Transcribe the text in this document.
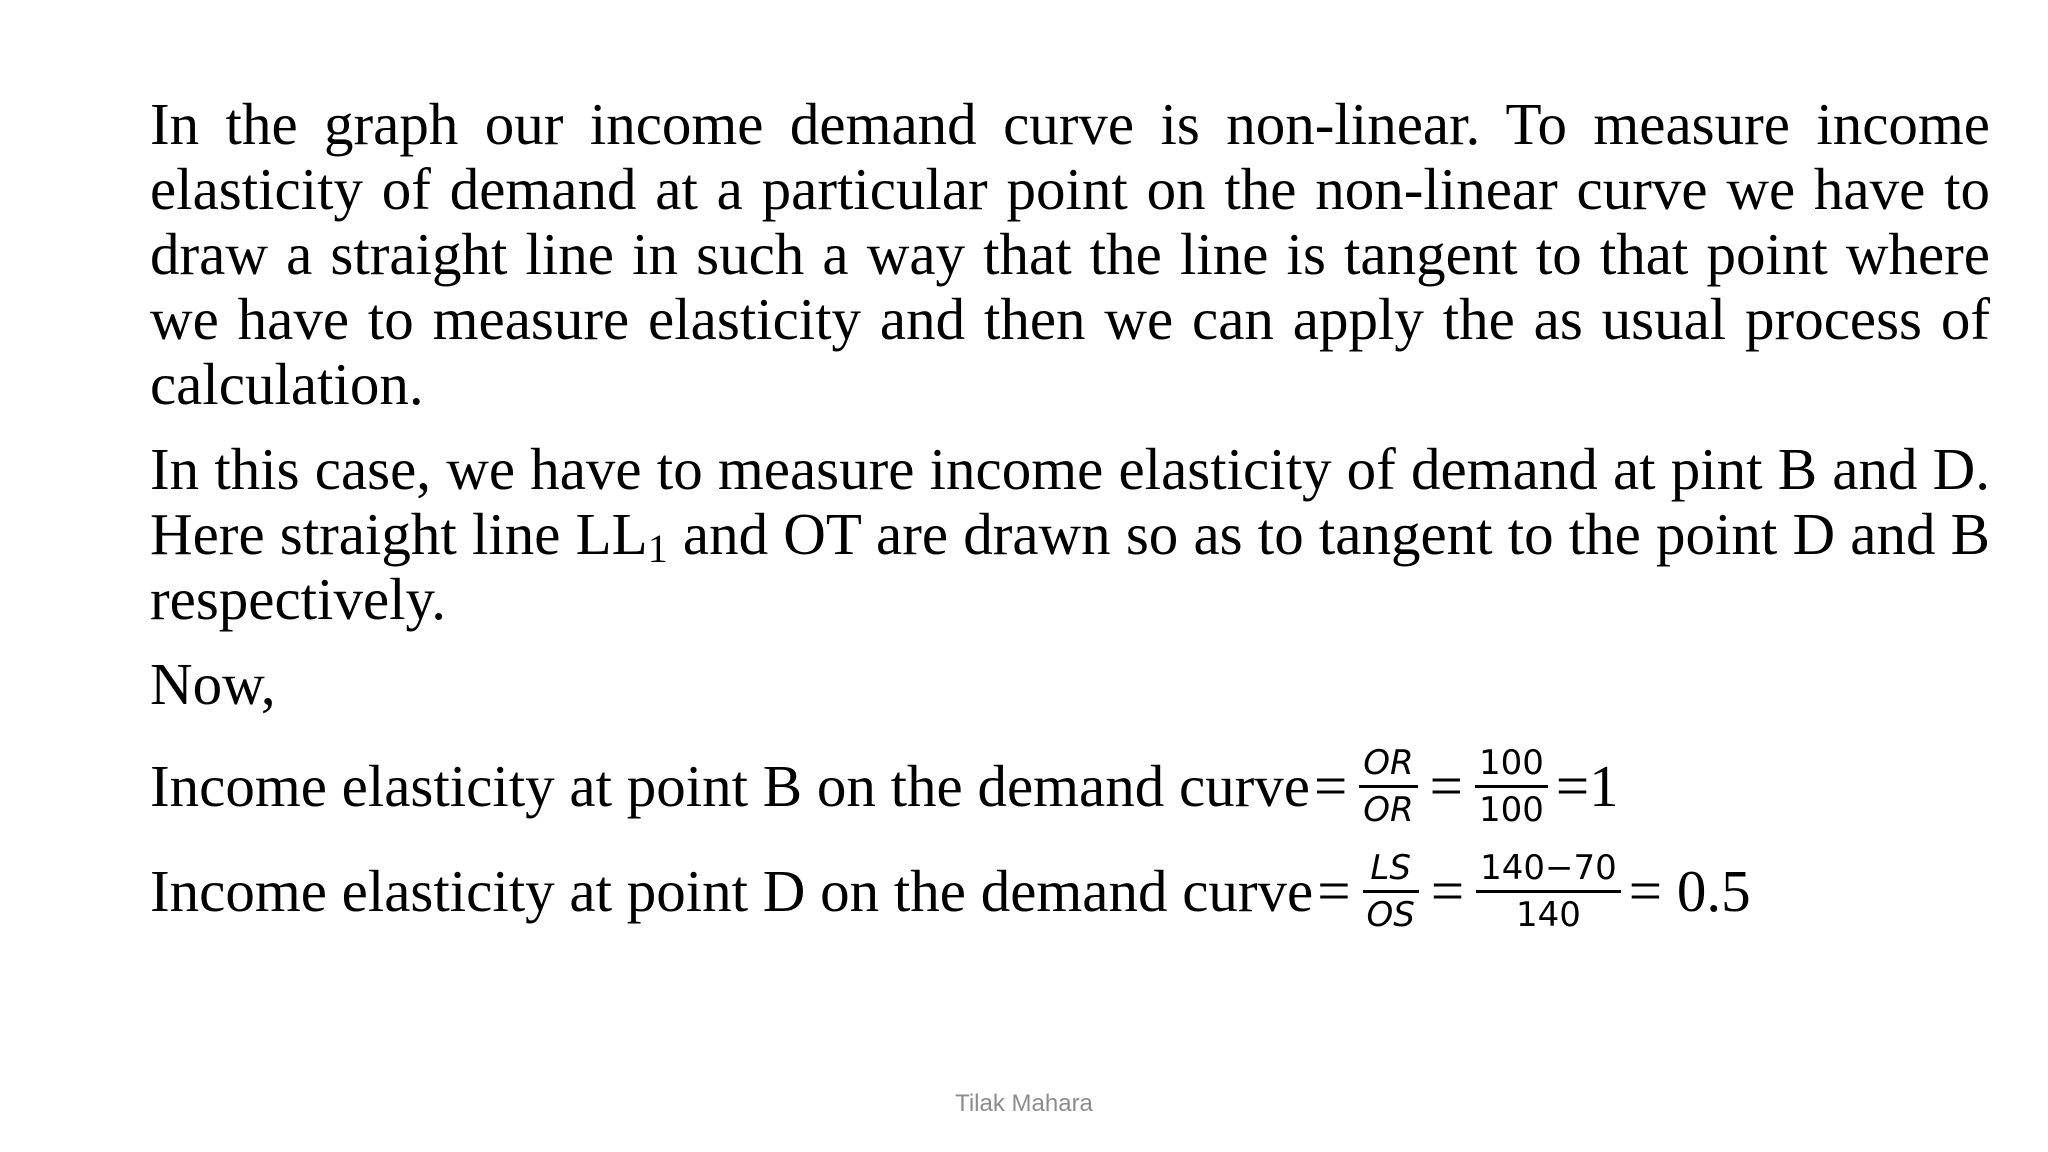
In the graph our income demand curve is non-linear. To measure income elasticity of demand at a particular point on the non-linear curve we have to draw a straight line in such a way that the line is tangent to that point where we have to measure elasticity and then we can apply the as usual process of calculation.

In this case, we have to measure income elasticity of demand at pint B and D. Here straight line $LL_1$ and OT are drawn so as to tangent to the point D and B respectively.

Now,

Income elasticity at point B on the demand curve = $\frac{OR}{OR} = \frac{100}{100} =1$
Income elasticity at point D on the demand curve = $\frac{LS}{OS} = \frac{140-70}{140} = 0.5$
Tilak Mahara
